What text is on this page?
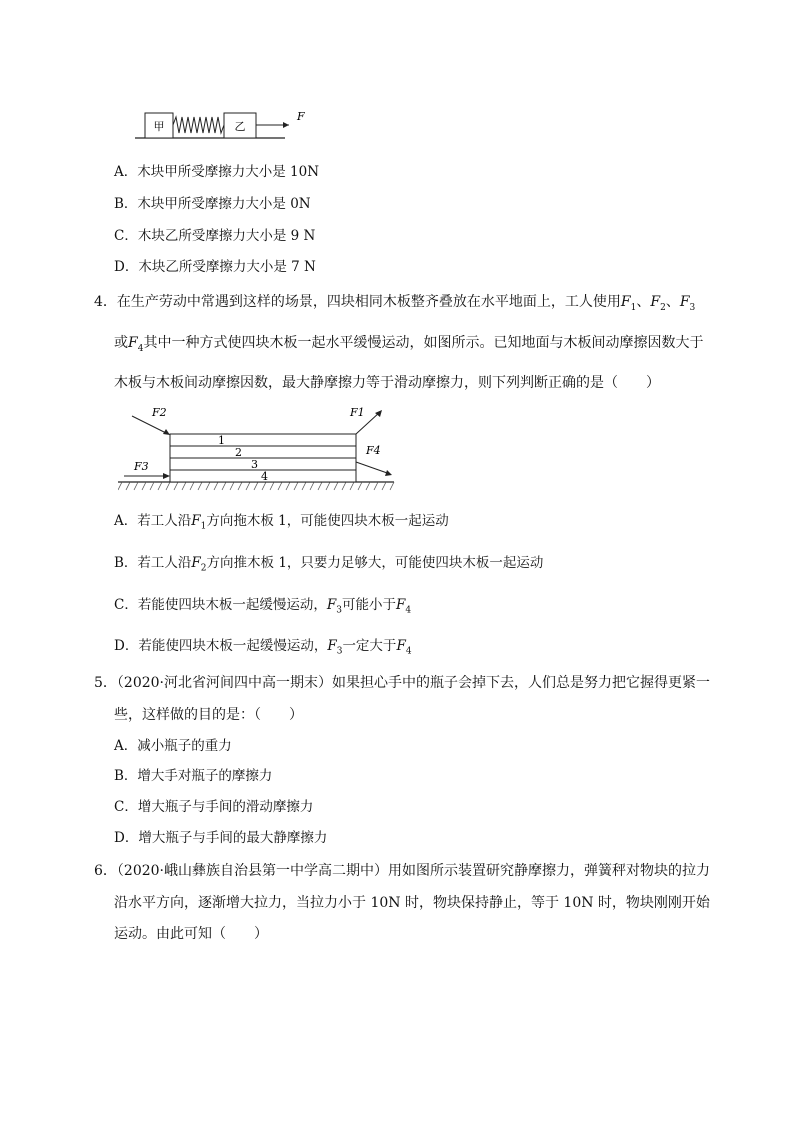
甲	乙
F
A．木块甲所受摩擦力大小是 10N
B．木块甲所受摩擦力大小是 0N
C．木块乙所受摩擦力大小是 9 N
D．木块乙所受摩擦力大小是 7 N
4．在生产劳动中常遇到这样的场景，四块相同木板整齐叠放在水平地面上，工人使用$F_1$、$F_2$、$F_3$
或$F_4$其中一种方式使四块木板一起水平缓慢运动，如图所示。已知地面与木板间动摩擦因数大于
木板与木板间动摩擦因数，最大静摩擦力等于滑动摩擦力，则下列判断正确的是（　　）
1
2
3
4
F2	F1
F3
F4
A．若工人沿$F_1$方向拖木板 1，可能使四块木板一起运动
B．若工人沿$F_2$方向推木板 1，只要力足够大，可能使四块木板一起运动
C．若能使四块木板一起缓慢运动，$F_3$可能小于$F_4$
D．若能使四块木板一起缓慢运动，$F_3$一定大于$F_4$
5．（2020·河北省河间四中高一期末）如果担心手中的瓶子会掉下去，人们总是努力把它握得更紧一
些，这样做的目的是：（　　）
A．减小瓶子的重力
B．增大手对瓶子的摩擦力
C．增大瓶子与手间的滑动摩擦力
D．增大瓶子与手间的最大静摩擦力
6．（2020·峨山彝族自治县第一中学高二期中）用如图所示装置研究静摩擦力，弹簧秤对物块的拉力
沿水平方向，逐渐增大拉力，当拉力小于 10N 时，物块保持静止，等于 10N 时，物块刚刚开始
运动。由此可知（　　）
